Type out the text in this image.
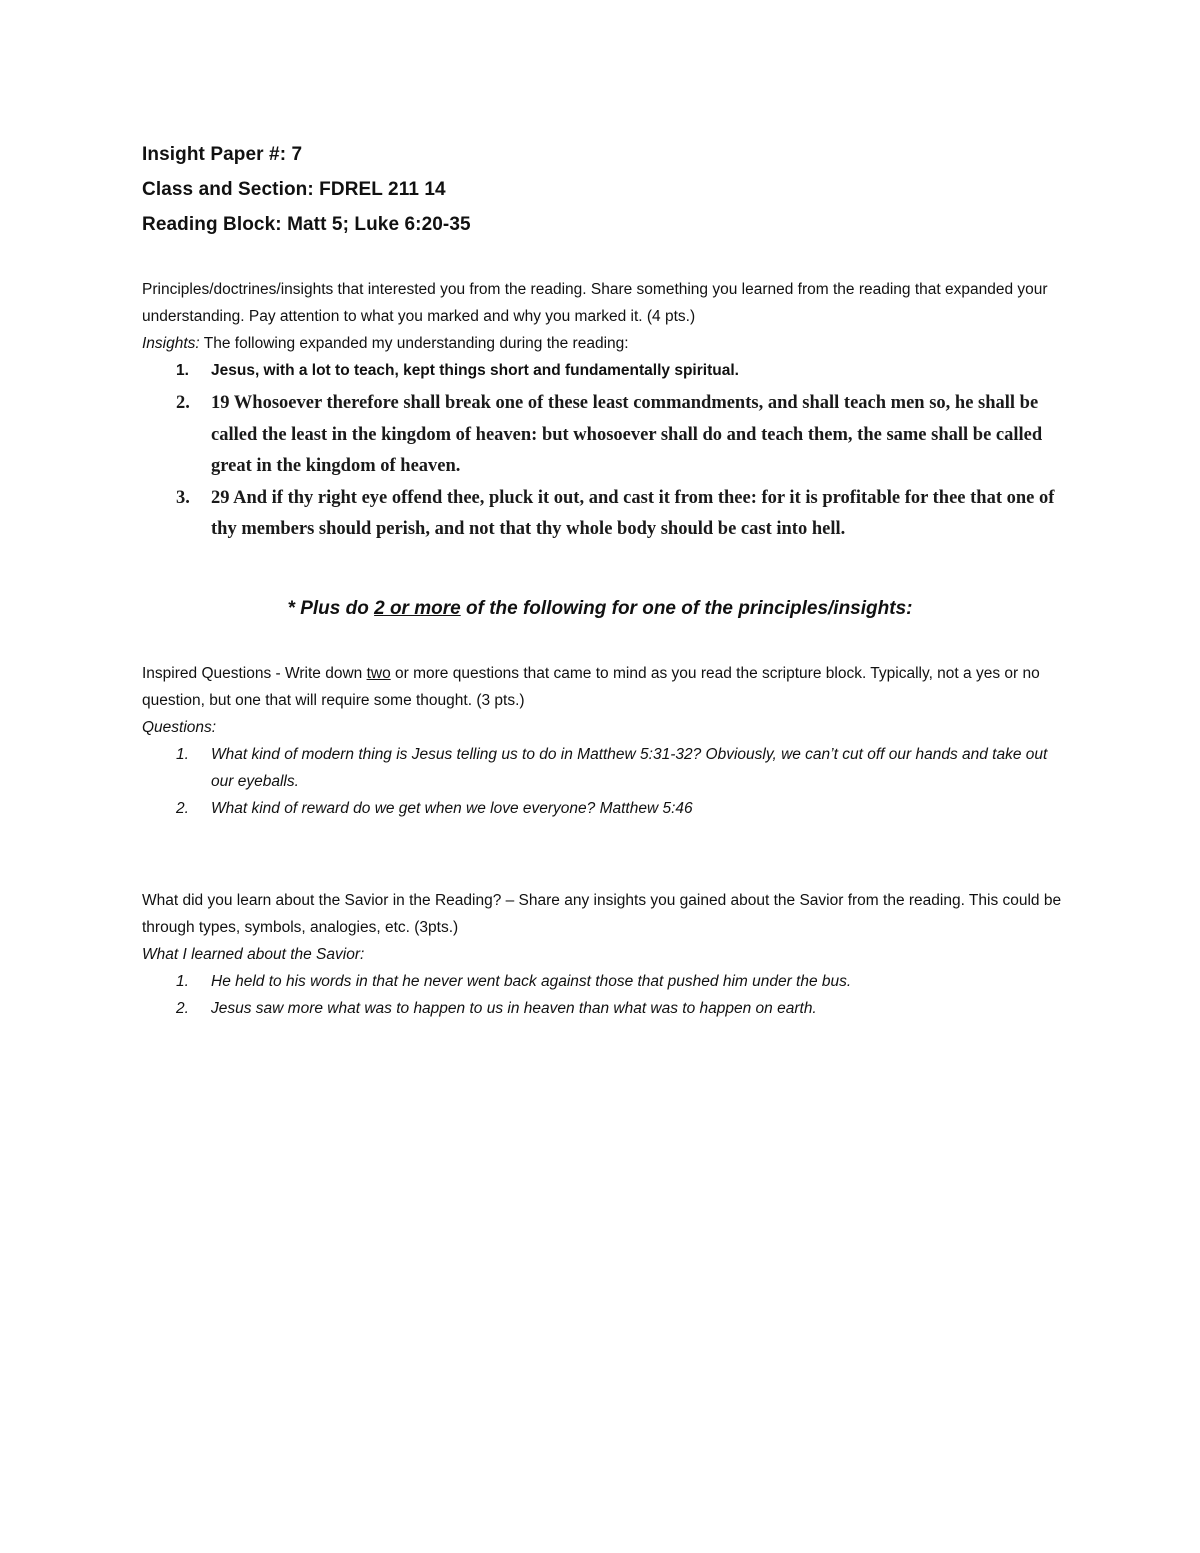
Insight Paper #: 7
Class and Section: FDREL 211 14
Reading Block: Matt 5; Luke 6:20-35

Principles/doctrines/insights that interested you from the reading. Share something you learned from the reading that expanded your understanding. Pay attention to what you marked and why you marked it. (4 pts.)

Insights: The following expanded my understanding during the reading:
1. Jesus, with a lot to teach, kept things short and fundamentally spiritual.
2. 19 Whosoever therefore shall break one of these least commandments, and shall teach men so, he shall be called the least in the kingdom of heaven: but whosoever shall do and teach them, the same shall be called great in the kingdom of heaven.
3. 29 And if thy right eye offend thee, pluck it out, and cast it from thee: for it is profitable for thee that one of thy members should perish, and not that thy whole body should be cast into hell.
* Plus do 2 or more of the following for one of the principles/insights:

Inspired Questions - Write down two or more questions that came to mind as you read the scripture block. Typically, not a yes or no question, but one that will require some thought. (3 pts.)

Questions:
1. What kind of modern thing is Jesus telling us to do in Matthew 5:31-32? Obviously, we can’t cut off our hands and take out our eyeballs.
2. What kind of reward do we get when we love everyone? Matthew 5:46

What did you learn about the Savior in the Reading? – Share any insights you gained about the Savior from the reading. This could be through types, symbols, analogies, etc. (3pts.)

What I learned about the Savior:
1. He held to his words in that he never went back against those that pushed him under the bus.
2. Jesus saw more what was to happen to us in heaven than what was to happen on earth.
